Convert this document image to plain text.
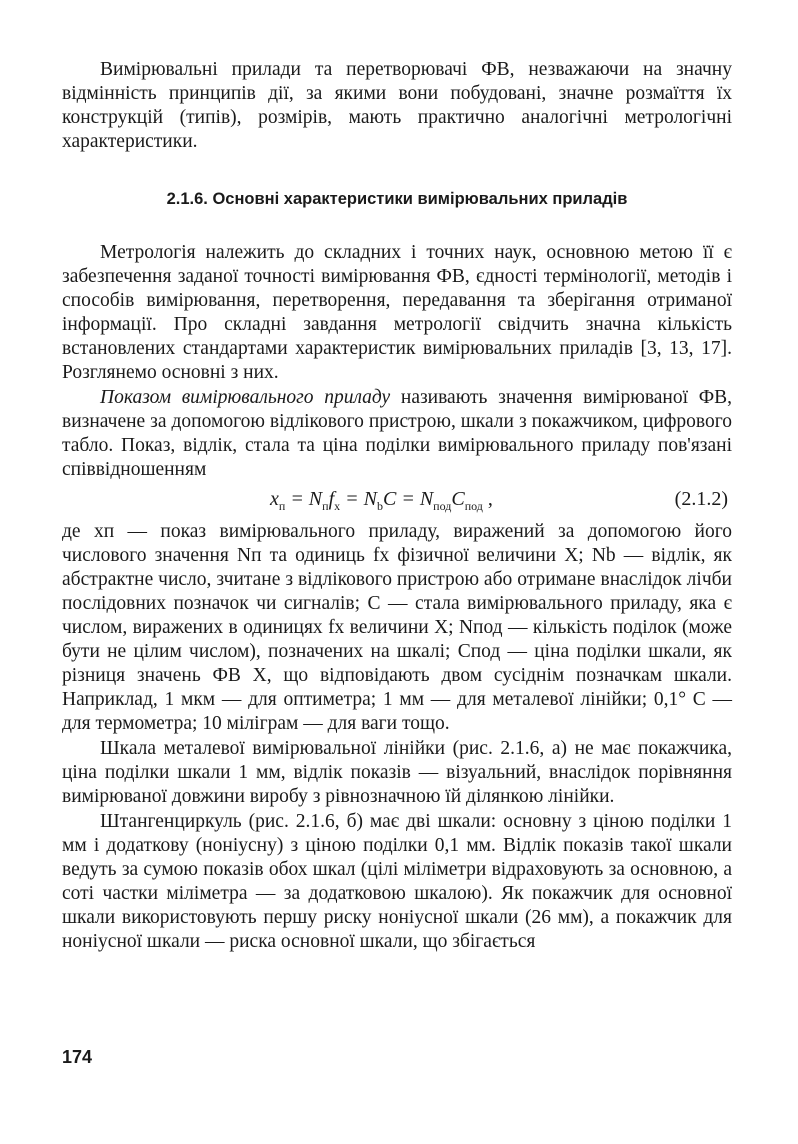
Вимірювальні прилади та перетворювачі ФВ, незважаючи на значну відмінність принципів дії, за якими вони побудовані, значне розмаїття їх конструкцій (типів), розмірів, мають практично аналогічні метрологічні характеристики.

2.1.6. Основні характеристики вимірювальних приладів

Метрологія належить до складних і точних наук, основною метою її є забезпечення заданої точності вимірювання ФВ, єдності термінології, методів і способів вимірювання, перетворення, передавання та зберігання отриманої інформації. Про складні завдання метрології свідчить значна кількість встановлених стандартами характеристик вимірювальних приладів [3, 13, 17]. Розглянемо основні з них.

Показом вимірювального приладу називають значення вимірюваної ФВ, визначене за допомогою відлікового пристрою, шкали з покажчиком, цифрового табло. Показ, відлік, стала та ціна поділки вимірювального приладу пов'язані співвідношенням

$x_п = N_пf_x = N_bC = N_{под}C_{под}$ ,	(2.1.2)

де xп — показ вимірювального приладу, виражений за допомогою його числового значення Nп та одиниць fx фізичної величини X; Nb — відлік, як абстрактне число, зчитане з відлікового пристрою або отримане внаслідок лічби послідовних позначок чи сигналів; C — стала вимірювального приладу, яка є числом, виражених в одиницях fx величини X; Nпод — кількість поділок (може бути не цілим числом), позначених на шкалі; Cпод — ціна поділки шкали, як різниця значень ФВ X, що відповідають двом сусіднім позначкам шкали. Наприклад, 1 мкм — для оптиметра; 1 мм — для металевої лінійки; 0,1° C — для термометра; 10 міліграм — для ваги тощо.

Шкала металевої вимірювальної лінійки (рис. 2.1.6, а) не має покажчика, ціна поділки шкали 1 мм, відлік показів — візуальний, внаслідок порівняння вимірюваної довжини виробу з рівнозначною їй ділянкою лінійки.

Штангенциркуль (рис. 2.1.6, б) має дві шкали: основну з ціною поділки 1 мм і додаткову (ноніусну) з ціною поділки 0,1 мм. Відлік показів такої шкали ведуть за сумою показів обох шкал (цілі міліметри відраховують за основною, а соті частки міліметра — за додатковою шкалою). Як покажчик для основної шкали використовують першу риску ноніусної шкали (26 мм), а покажчик для ноніусної шкали — риска основної шкали, що збігається

174
